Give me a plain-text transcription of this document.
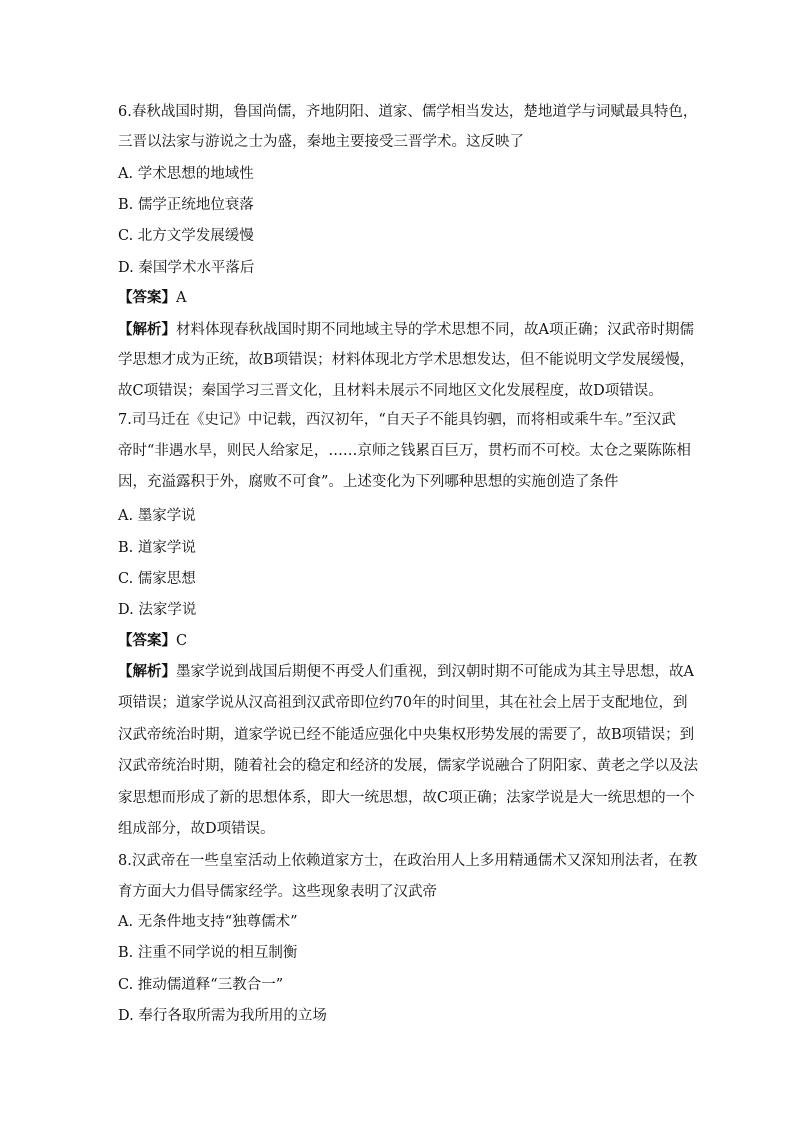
6.春秋战国时期，鲁国尚儒，齐地阴阳、道家、儒学相当发达，楚地道学与词赋最具特色，
三晋以法家与游说之士为盛，秦地主要接受三晋学术。这反映了
A. 学术思想的地域性
B. 儒学正统地位衰落
C. 北方文学发展缓慢
D. 秦国学术水平落后
【答案】A
【解析】材料体现春秋战国时期不同地域主导的学术思想不同，故A项正确；汉武帝时期儒
学思想才成为正统，故B项错误；材料体现北方学术思想发达，但不能说明文学发展缓慢，
故C项错误；秦国学习三晋文化，且材料未展示不同地区文化发展程度，故D项错误。
7.司马迁在《史记》中记载，西汉初年，“自天子不能具钧驷，而将相或乘牛车。”至汉武
帝时“非遇水旱，则民人给家足，……京师之钱累百巨万，贯朽而不可校。太仓之粟陈陈相
因，充溢露积于外，腐败不可食”。上述变化为下列哪种思想的实施创造了条件
A. 墨家学说
B. 道家学说
C. 儒家思想
D. 法家学说
【答案】C
【解析】墨家学说到战国后期便不再受人们重视，到汉朝时期不可能成为其主导思想，故A
项错误；道家学说从汉高祖到汉武帝即位约70年的时间里，其在社会上居于支配地位，到
汉武帝统治时期，道家学说已经不能适应强化中央集权形势发展的需要了，故B项错误；到
汉武帝统治时期，随着社会的稳定和经济的发展，儒家学说融合了阴阳家、黄老之学以及法
家思想而形成了新的思想体系，即大一统思想，故C项正确；法家学说是大一统思想的一个
组成部分，故D项错误。
8.汉武帝在一些皇室活动上依赖道家方士，在政治用人上多用精通儒术又深知刑法者，在教
育方面大力倡导儒家经学。这些现象表明了汉武帝
A. 无条件地支持“独尊儒术”
B. 注重不同学说的相互制衡
C. 推动儒道释“三教合一”
D. 奉行各取所需为我所用的立场
